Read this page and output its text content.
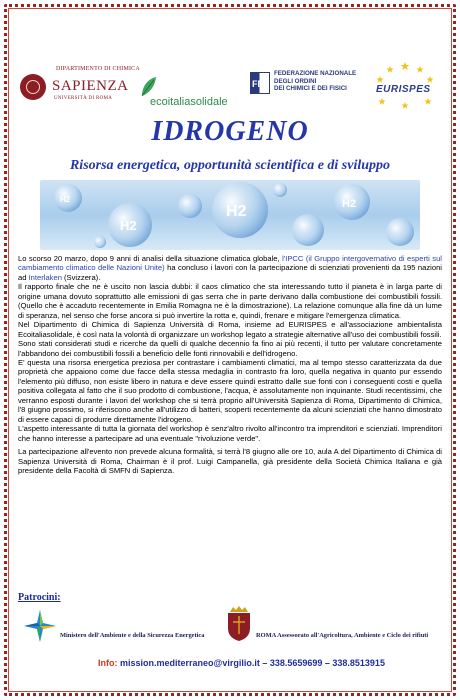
DIPARTIMENTO DI CHIMICA
SAPIENZA
UNIVERSITÀ DI ROMA	ecoitaliasolidale
FN
FEDERAZIONE NAZIONALE
DEGLI ORDINI
DEI CHIMICI E DEI FISICI	EURISPES
IDROGENO
Risorsa energetica, opportunità scientifica e di sviluppo
H2
H2	H2
H2

Lo scorso 20 marzo, dopo 9 anni di analisi della situazione climatica globale, l'IPCC (il Gruppo intergovernativo di esperti sul cambiamento climatico delle Nazioni Unite) ha concluso i lavori con la partecipazione di scienziati provenienti da 195 nazioni ad Interlaken (Svizzera).

Il rapporto finale che ne è uscito non lascia dubbi: il caos climatico che sta interessando tutto il pianeta è in larga parte di origine umana dovuto soprattutto alle emissioni di gas serra che in parte derivano dalla combustione dei combustibili fossili. (Quello che è accaduto recentemente in Emilia Romagna ne è la dimostrazione). La relazione comunque alla fine dà un lume di speranza, nel senso che forse ancora si può invertire la rotta e, quindi, frenare e mitigare l'emergenza climatica.

Nel Dipartimento di Chimica di Sapienza Università di Roma, insieme ad EURISPES e all'associazione ambientalista Ecoitaliasolidale, è così nata la volontà di organizzare un workshop legato a strategie alternative all'uso dei combustibili fossili.

Sono stati considerati studi e ricerche da quelli di qualche decennio fa fino ai più recenti, il tutto per valutare concretamente l'abbandono dei combustibili fossili a beneficio delle fonti rinnovabili e dell'idrogeno.

E' questa una risorsa energetica preziosa per contrastare i cambiamenti climatici, ma al tempo stesso caratterizzata da due proprietà che appaiono come due facce della stessa medaglia in contrasto fra loro, quella negativa in quanto pur essendo l'elemento più diffuso, non esiste libero in natura e deve essere quindi estratto dalle sue fonti con i conseguenti costi e quella positiva collegata al fatto che il suo prodotto di combustione, l'acqua, è assolutamente non inquinante. Studi recentissimi, che verranno esposti durante i lavori del workshop che si terrà proprio all'Università Sapienza di Roma, Dipartimento di Chimica, l'8 giugno prossimo, si riferiscono anche all'utilizzo di batteri, scoperti recentemente da alcuni scienziati che hanno dimostrato di essere capaci di produrre direttamente l'idrogeno.

L'aspetto interessante di tutta la giornata del workshop è senz'altro rivolto all'incontro tra imprenditori e scienziati. Imprenditori che hanno interesse a partecipare ad una eventuale "rivoluzione verde".

La partecipazione all'evento non prevede alcuna formalità, si terrà l'8 giugno alle ore 10, aula A del Dipartimento di Chimica di Sapienza Università di Roma, Chairman è il prof. Luigi Campanella, già presidente della Società Chimica Italiana e già presidente della Facoltà di SMFN di Sapienza.

Patrocini:
Ministero dell'Ambiente e della Sicurezza Energetica	ROMA Assessorato all'Agricoltura, Ambiente e Ciclo dei rifiuti
Info: mission.mediterraneo@virgilio.it – 338.5659699 – 338.8513915
